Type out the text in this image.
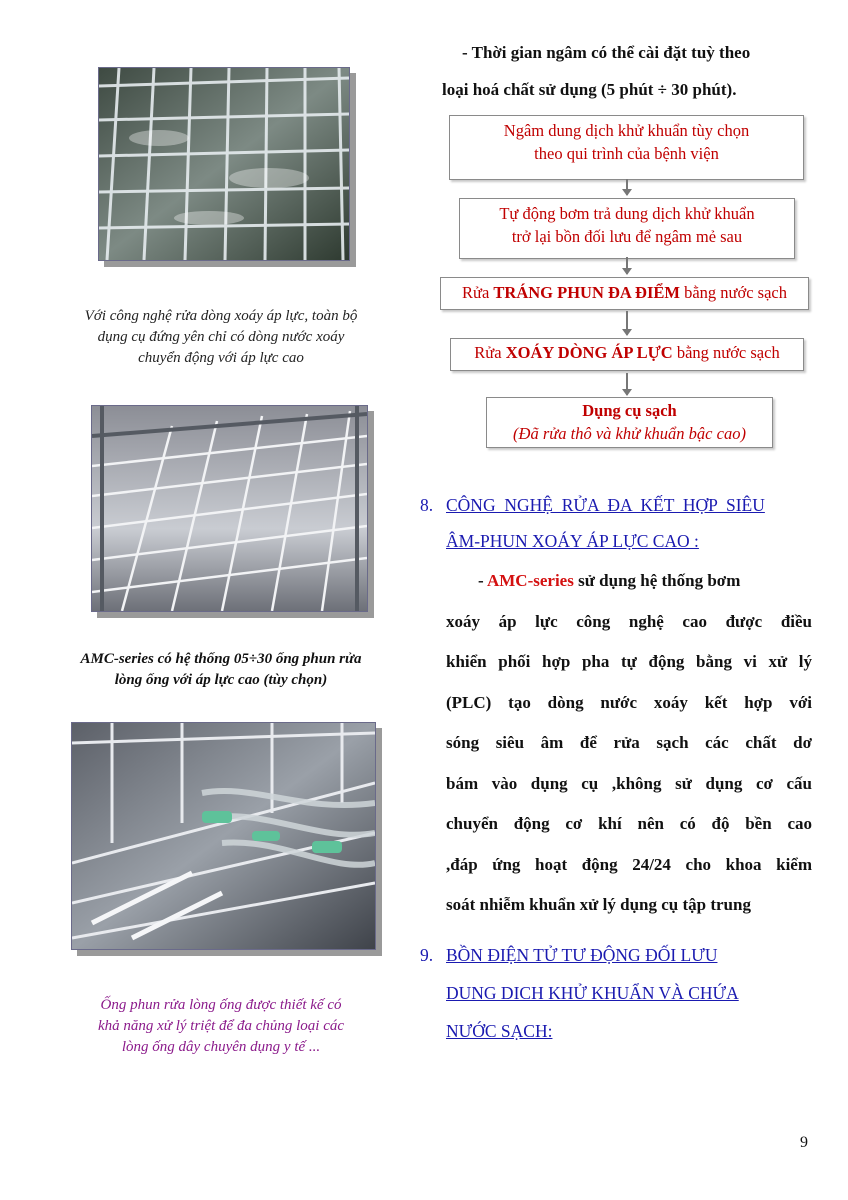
Với công nghệ rửa dòng xoáy áp lực, toàn bộ
dụng cụ đứng yên chỉ có dòng nước xoáy
chuyển động với áp lực cao
AMC-series có hệ thống 05÷30 ống phun rửa
lòng ống với áp lực cao (tùy chọn)
Ống phun rửa lòng ống được thiết kế có
khả năng xử lý triệt để đa chủng loại các
lòng ống dây chuyên dụng y tế ...
- Thời gian ngâm có thể cài đặt tuỳ theo
loại hoá chất sử dụng (5 phút ÷ 30 phút).
Ngâm dung dịch khử khuẩn tùy chọn
theo qui trình của bệnh viện
Tự động bơm trả dung dịch khử khuẩn
trở lại bồn đối lưu để ngâm mẻ sau
Rửa TRÁNG PHUN ĐA ĐIỂM bằng nước sạch
Rửa XOÁY DÒNG ÁP LỰC bằng nước sạch
Dụng cụ sạch
(Đã rửa thô và khử khuẩn bậc cao)
8. CÔNG  NGHỆ  RỬA  ĐA  KẾT  HỢP  SIÊU
ÂM-PHUN XOÁY ÁP LỰC CAO :
- AMC-series sử dụng hệ thống bơm
xoáy áp lực công nghệ cao được điều
khiển phối hợp pha tự động bằng vi xử lý
(PLC) tạo dòng nước xoáy kết hợp với
sóng siêu âm để rửa sạch các chất dơ
bám vào dụng cụ ,không sử dụng cơ cấu
chuyển động cơ khí nên có độ bền cao
,đáp ứng hoạt động 24/24 cho khoa kiểm
soát nhiễm khuẩn xử lý dụng cụ tập trung
9. BỒN ĐIỆN TỬ TƯ ĐỘNG ĐỐI LƯU
DUNG DICH KHỬ KHUẨN VÀ CHỨA
NƯỚC SẠCH:
9
